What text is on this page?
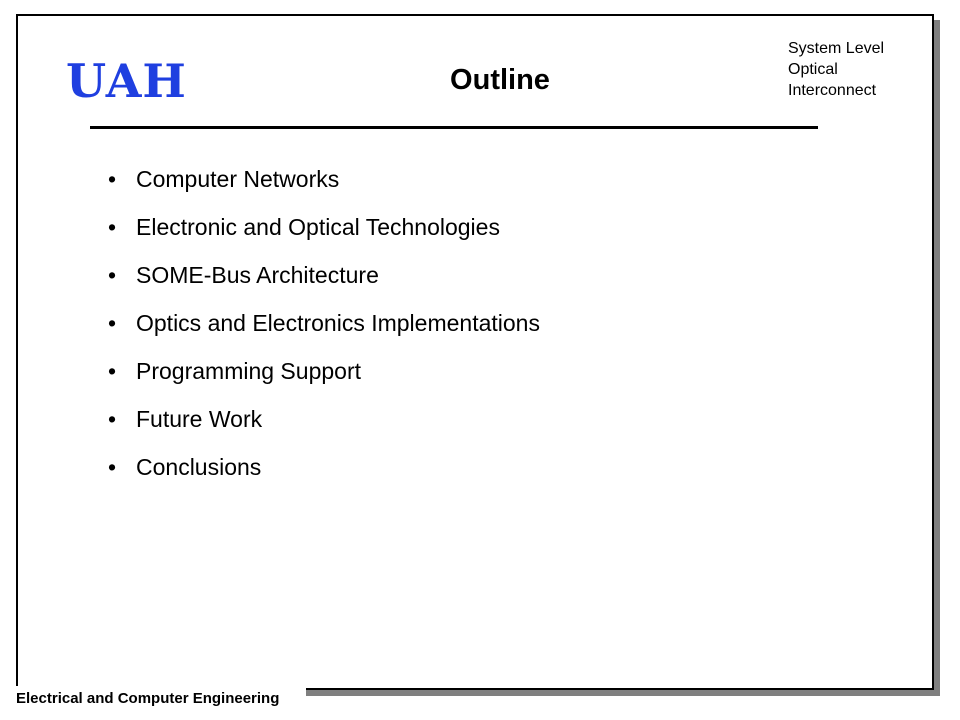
UAH	Outline
System Level
Optical
Interconnect
• Computer Networks
• Electronic and Optical Technologies
• SOME-Bus Architecture
• Optics and Electronics Implementations
• Programming Support
• Future Work
• Conclusions
Electrical and Computer Engineering
